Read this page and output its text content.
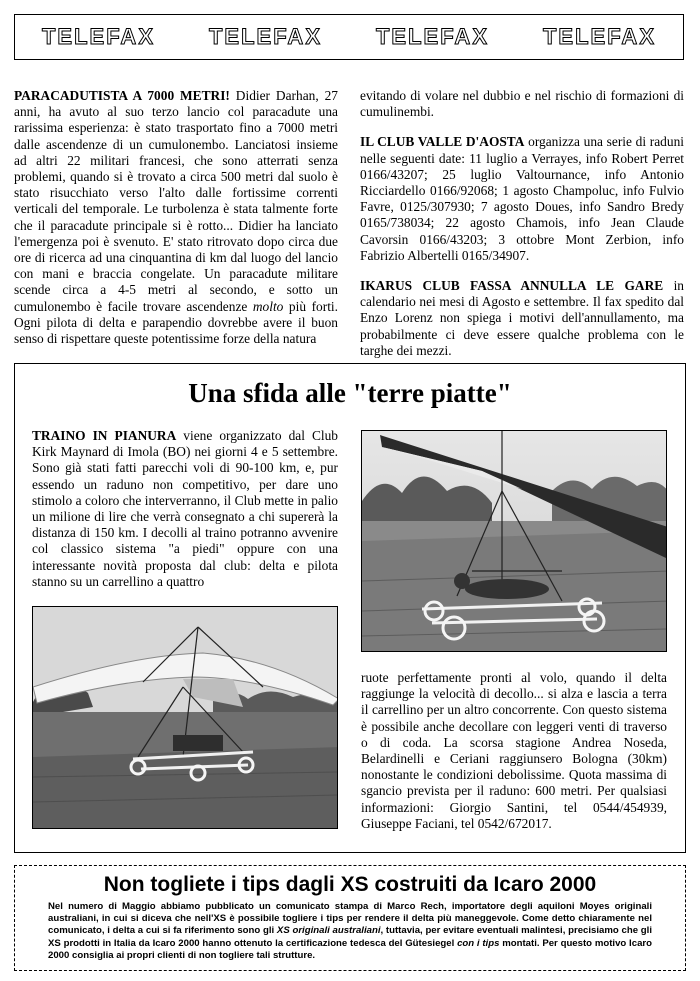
TELEFAX TELEFAX TELEFAX TELEFAX
PARACADUTISTA A 7000 METRI! Didier Darhan, 27 anni, ha avuto al suo terzo lancio col paracadute una rarissima esperienza: è stato trasportato fino a 7000 metri dalle ascendenze di un cumulonembo. Lanciatosi insieme ad altri 22 militari francesi, che sono atterrati senza problemi, quando si è trovato a circa 500 metri dal suolo è stato risucchiato verso l'alto dalle fortissime correnti verticali del temporale. Le turbolenza è stata talmente forte che il paracadute principale si è rotto... Didier ha lanciato l'emergenza poi è svenuto. E' stato ritrovato dopo circa due ore di ricerca ad una cinquantina di km dal luogo del lancio con mani e braccia congelate. Un paracadute militare scende circa a 4-5 metri al secondo, e sotto un cumulonembo è facile trovare ascendenze molto più forti. Ogni pilota di delta e parapendio dovrebbe avere il buon senso di rispettare queste potentissime forze della natura
evitando di volare nel dubbio e nel rischio di formazioni di cumulinembi.
IL CLUB VALLE D'AOSTA organizza una serie di raduni nelle seguenti date: 11 luglio a Verrayes, info Robert Perret 0166/43207; 25 luglio Valtournance, info Antonio Ricciardello 0166/92068; 1 agosto Champoluc, info Fulvio Favre, 0125/307930; 7 agosto Doues, info Sandro Bredy 0165/738034; 22 agosto Chamois, info Jean Claude Cavorsin 0166/43203; 3 ottobre Mont Zerbion, info Fabrizio Albertelli 0165/34907.
IKARUS CLUB FASSA ANNULLA LE GARE in calendario nei mesi di Agosto e settembre. Il fax spedito dal Enzo Lorenz non spiega i motivi dell'annullamento, ma probabilmente ci deve essere qualche problema con le targhe dei mezzi.
Una sfida alle "terre piatte"
TRAINO IN PIANURA viene organizzato dal Club Kirk Maynard di Imola (BO) nei giorni 4 e 5 settembre. Sono già stati fatti parecchi voli di 90-100 km, e, pur essendo un raduno non competitivo, per dare uno stimolo a coloro che interverranno, il Club mette in palio un milione di lire che verrà consegnato a chi supererà la distanza di 150 km. I decolli al traino potranno avvenire col classico sistema "a piedi" oppure con una interessante novità proposta dal club: delta e pilota stanno su un carrellino a quattro
ruote perfettamente pronti al volo, quando il delta raggiunge la velocità di decollo... si alza e lascia a terra il carrellino per un altro concorrente. Con questo sistema è possibile anche decollare con leggeri venti di traverso o di coda. La scorsa stagione Andrea Noseda, Belardinelli e Ceriani raggiunsero Bologna (30km) nonostante le condizioni debolissime. Quota massima di sgancio prevista per il raduno: 600 metri. Per qualsiasi informazioni: Giorgio Santini, tel 0544/454939, Giuseppe Faciani, tel 0542/672017.
Non togliete i tips dagli XS costruiti da Icaro 2000
Nel numero di Maggio abbiamo pubblicato un comunicato stampa di Marco Rech, importatore degli aquiloni Moyes originali australiani, in cui si diceva che nell'XS è possibile togliere i tips per rendere il delta più maneggevole. Come detto chiaramente nel comunicato, i delta a cui si fa riferimento sono gli XS originali australiani, tuttavia, per evitare eventuali malintesi, precisiamo che gli XS prodotti in Italia da Icaro 2000 hanno ottenuto la certificazione tedesca del Gütesiegel con i tips montati. Per questo motivo Icaro 2000 consiglia ai propri clienti di non togliere tali strutture.
